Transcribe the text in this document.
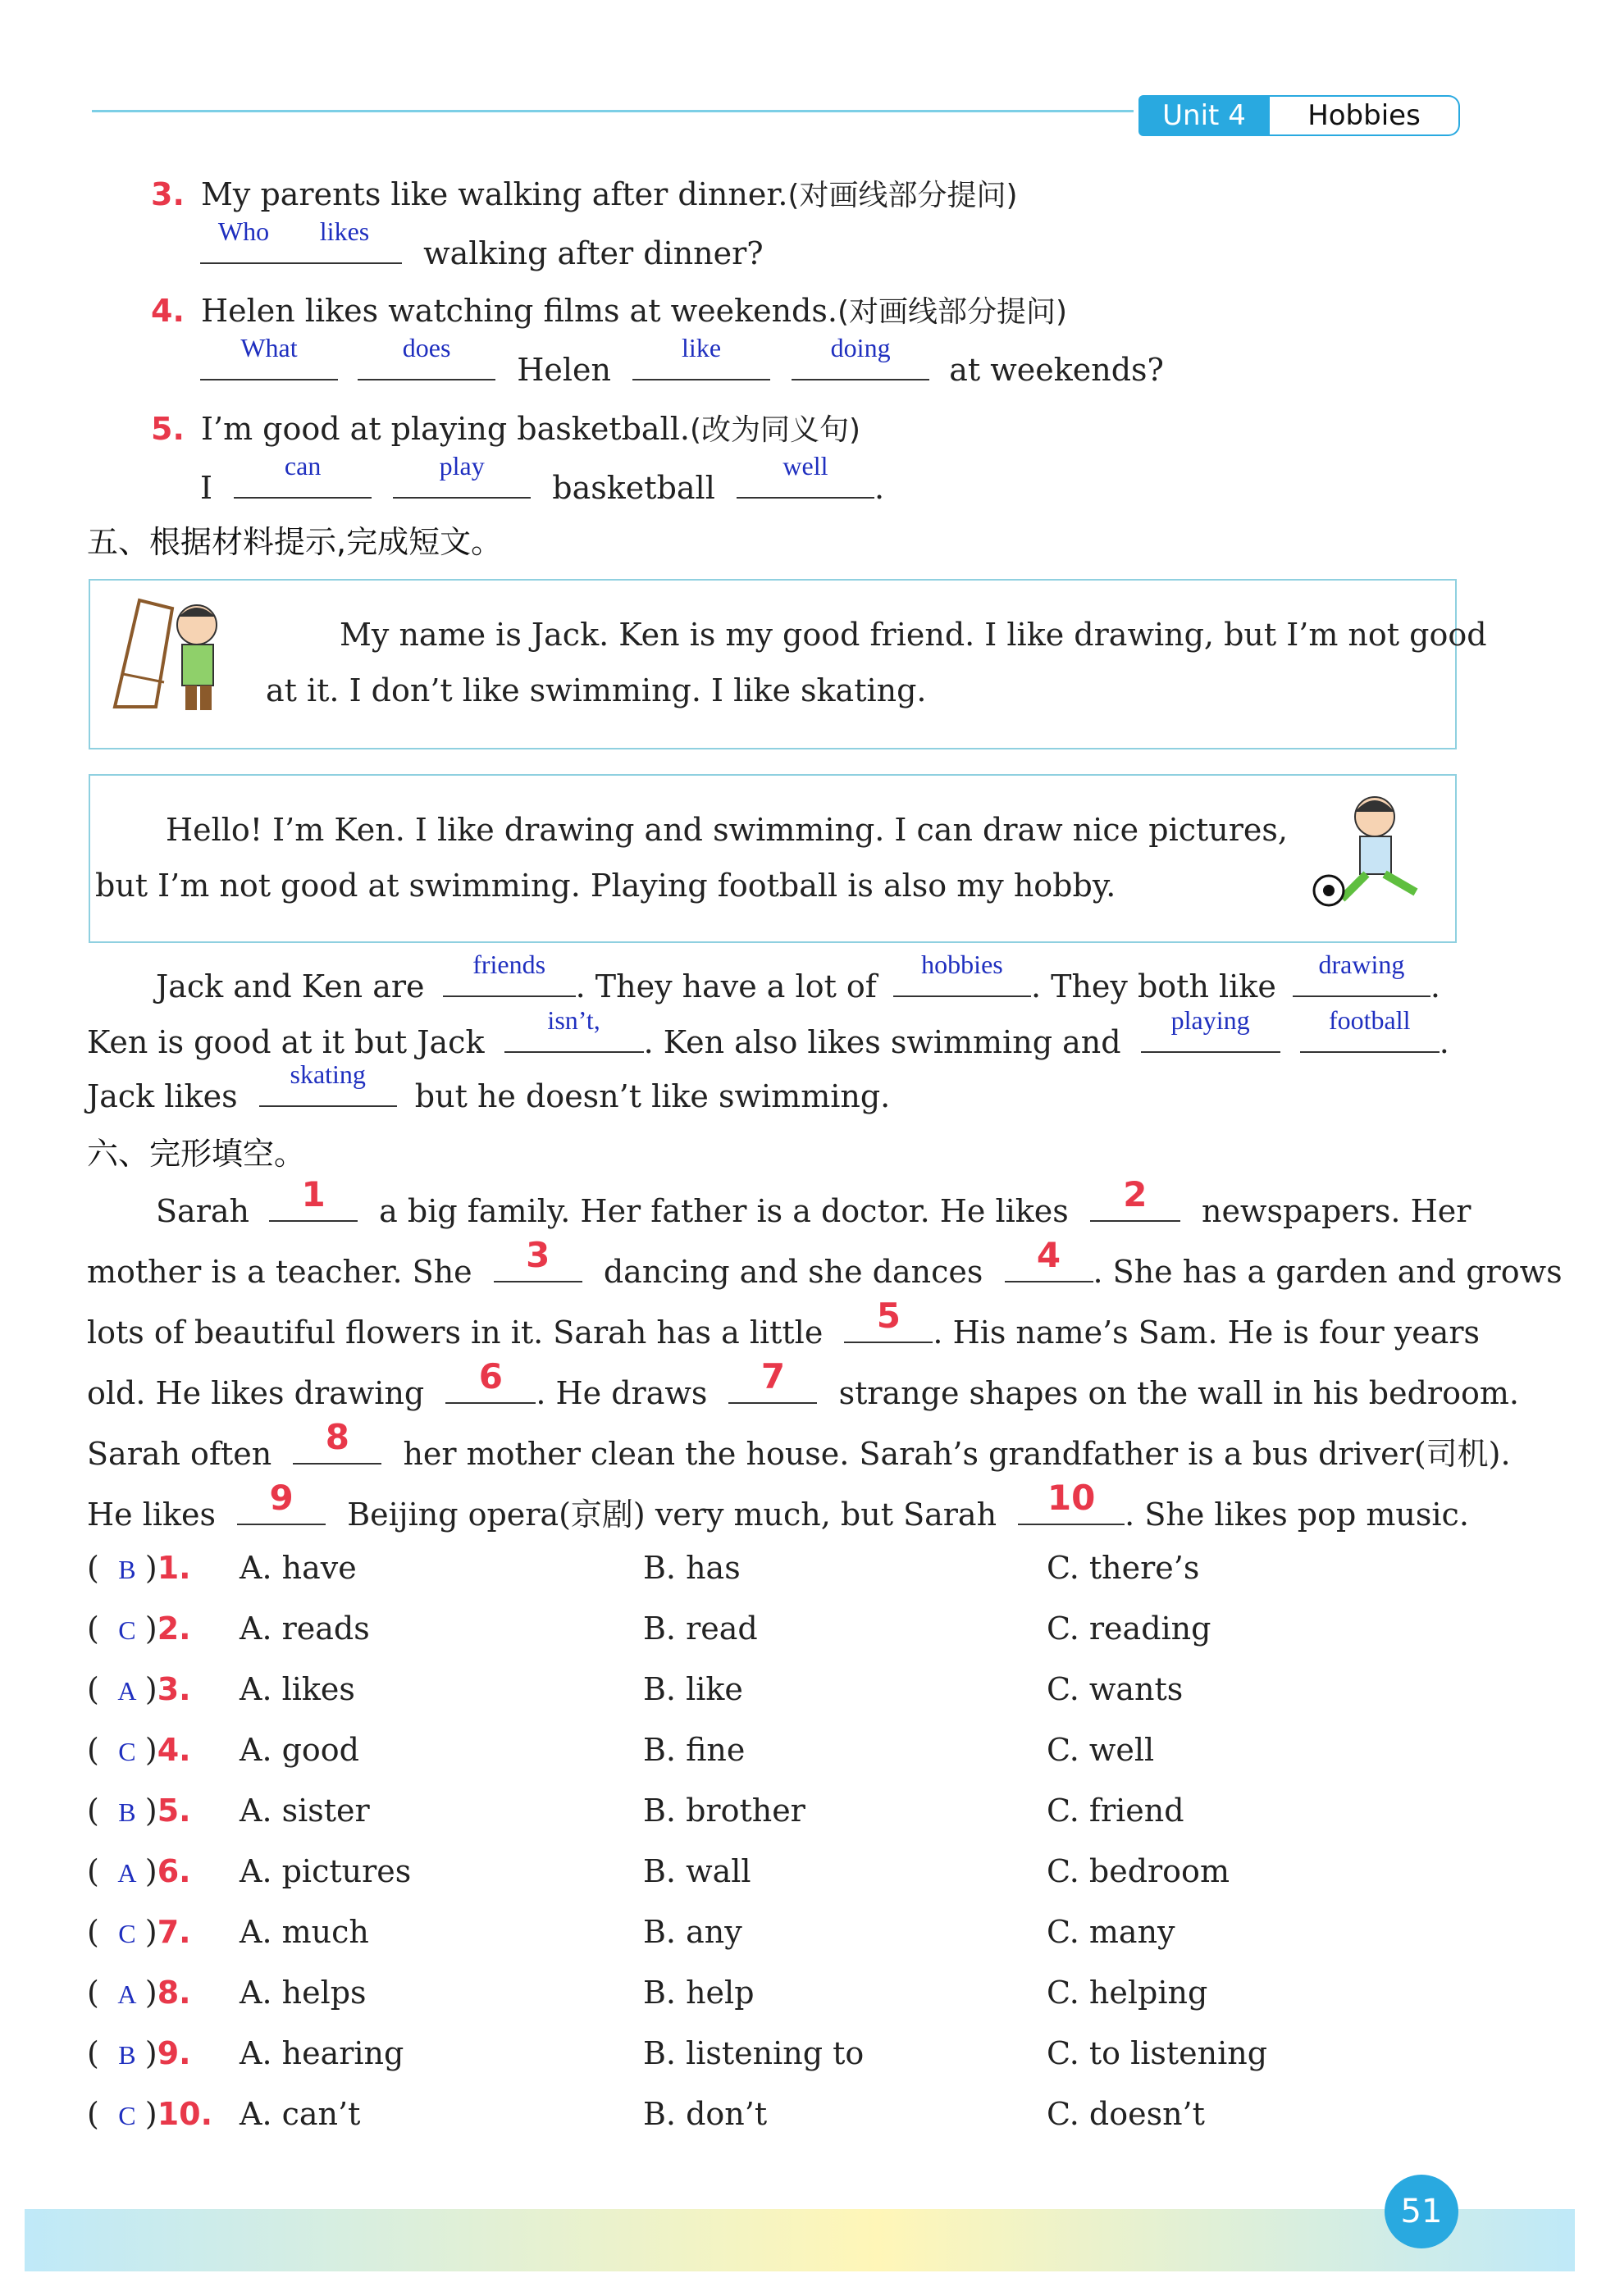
Unit 4	Hobbies
3. My parents like walking after dinner.(对画线部分提问)
Who	likes
walking after dinner?
4. Helen likes watching films at weekends.(对画线部分提问)
What
	does
Helen
like
	doing
at weekends?
5. I’m good at playing basketball.(改为同义句)
I
can
	play
basketball
well
.
五、根据材料提示,完成短文。
My name is Jack. Ken is my good friend. I like drawing, but I’m not good
at it. I don’t like swimming. I like skating.
Hello! I’m Ken. I like drawing and swimming. I can draw nice pictures,
but I’m not good at swimming. Playing football is also my hobby.
Jack and Ken are
friends
. They have a lot of
hobbies
. They both like
drawing
.
Ken is good at it but Jack
isn’t,
. Ken also likes swimming and
playing
	football
.
Jack likes
skating
but he doesn’t like swimming.
六、完形填空。
Sarah	1	a big family. Her father is a doctor. He likes	2	newspapers. Her
mother is a teacher. She	3	dancing and she dances	4	. She has a garden and grows
lots of beautiful flowers in it. Sarah has a little	5	. His name’s Sam. He is four years
old. He likes drawing	6	. He draws	7	strange shapes on the wall in his bedroom.
Sarah often	8	her mother clean the house. Sarah’s grandfather is a bus driver(司机).
He likes	9	Beijing opera(京剧) very much, but Sarah	10 . She likes pop music.
( B )1. A. have	B. has	C. there’s
( C )2. A. reads	B. read	C. reading
( A )3. A. likes	B. like	C. wants
( C )4. A. good	B. fine	C. well
( B )5. A. sister	B. brother	C. friend
( A )6. A. pictures	B. wall	C. bedroom
( C )7. A. much	B. any	C. many
( A )8. A. helps	B. help	C. helping
( B )9. A. hearing	B. listening to	C. to listening
( C )10. A. can’t	B. don’t	C. doesn’t
51
